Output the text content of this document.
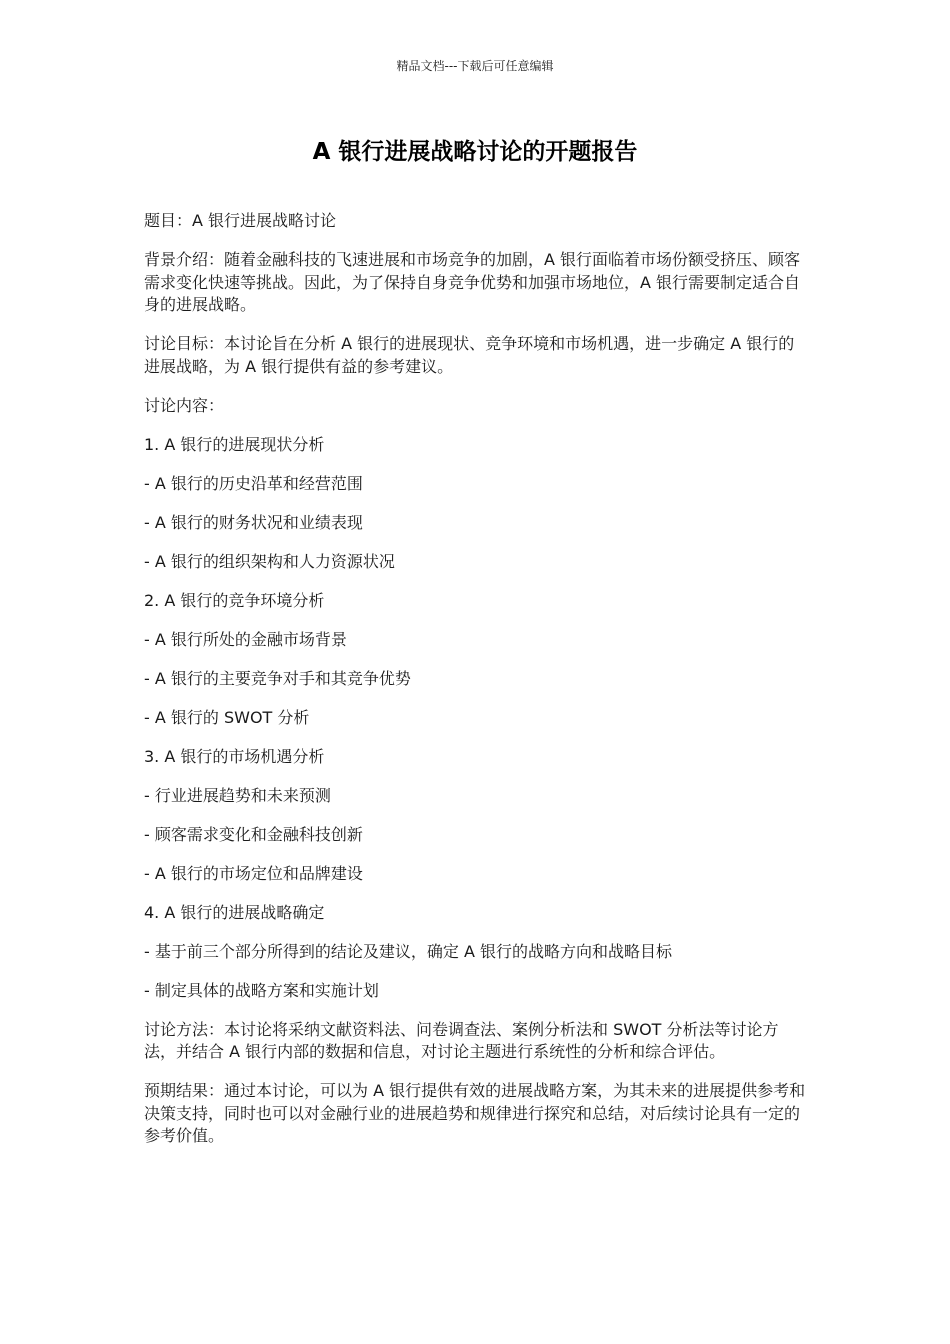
精品文档---下载后可任意编辑
A 银行进展战略讨论的开题报告

题目：A 银行进展战略讨论

背景介绍：随着金融科技的飞速进展和市场竞争的加剧，A 银行面临着市场份额受挤压、顾客需求变化快速等挑战。因此，为了保持自身竞争优势和加强市场地位，A 银行需要制定适合自身的进展战略。

讨论目标：本讨论旨在分析 A 银行的进展现状、竞争环境和市场机遇，进一步确定 A 银行的进展战略，为 A 银行提供有益的参考建议。

讨论内容：

1. A 银行的进展现状分析

- A 银行的历史沿革和经营范围

- A 银行的财务状况和业绩表现

- A 银行的组织架构和人力资源状况

2. A 银行的竞争环境分析

- A 银行所处的金融市场背景

- A 银行的主要竞争对手和其竞争优势

- A 银行的 SWOT 分析

3. A 银行的市场机遇分析

- 行业进展趋势和未来预测

- 顾客需求变化和金融科技创新

- A 银行的市场定位和品牌建设

4. A 银行的进展战略确定

- 基于前三个部分所得到的结论及建议，确定 A 银行的战略方向和战略目标

- 制定具体的战略方案和实施计划

讨论方法：本讨论将采纳文献资料法、问卷调查法、案例分析法和 SWOT 分析法等讨论方法，并结合 A 银行内部的数据和信息，对讨论主题进行系统性的分析和综合评估。

预期结果：通过本讨论，可以为 A 银行提供有效的进展战略方案，为其未来的进展提供参考和决策支持，同时也可以对金融行业的进展趋势和规律进行探究和总结，对后续讨论具有一定的参考价值。
